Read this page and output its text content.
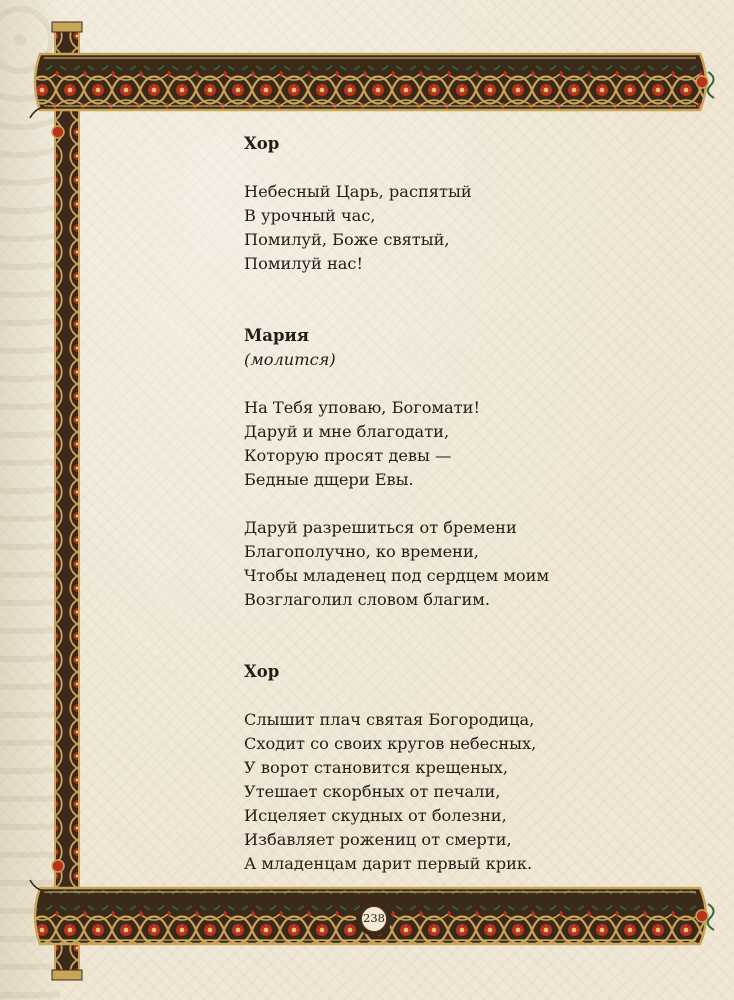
238
Хор
Небесный Царь, распятый
В урочный час,
Помилуй, Боже святый,
Помилуй нас!
Мария
(молится)
На Тебя уповаю, Богомати!
Даруй и мне благодати,
Которую просят девы —
Бедные дщери Евы.
Даруй разрешиться от бремени
Благополучно, ко времени,
Чтобы младенец под сердцем моим
Возглаголил словом благим.
Хор
Слышит плач святая Богородица,
Сходит со своих кругов небесных,
У ворот становится крещеных,
Утешает скорбных от печали,
Исцеляет скудных от болезни,
Избавляет рожениц от смерти,
А младенцам дарит первый крик.
